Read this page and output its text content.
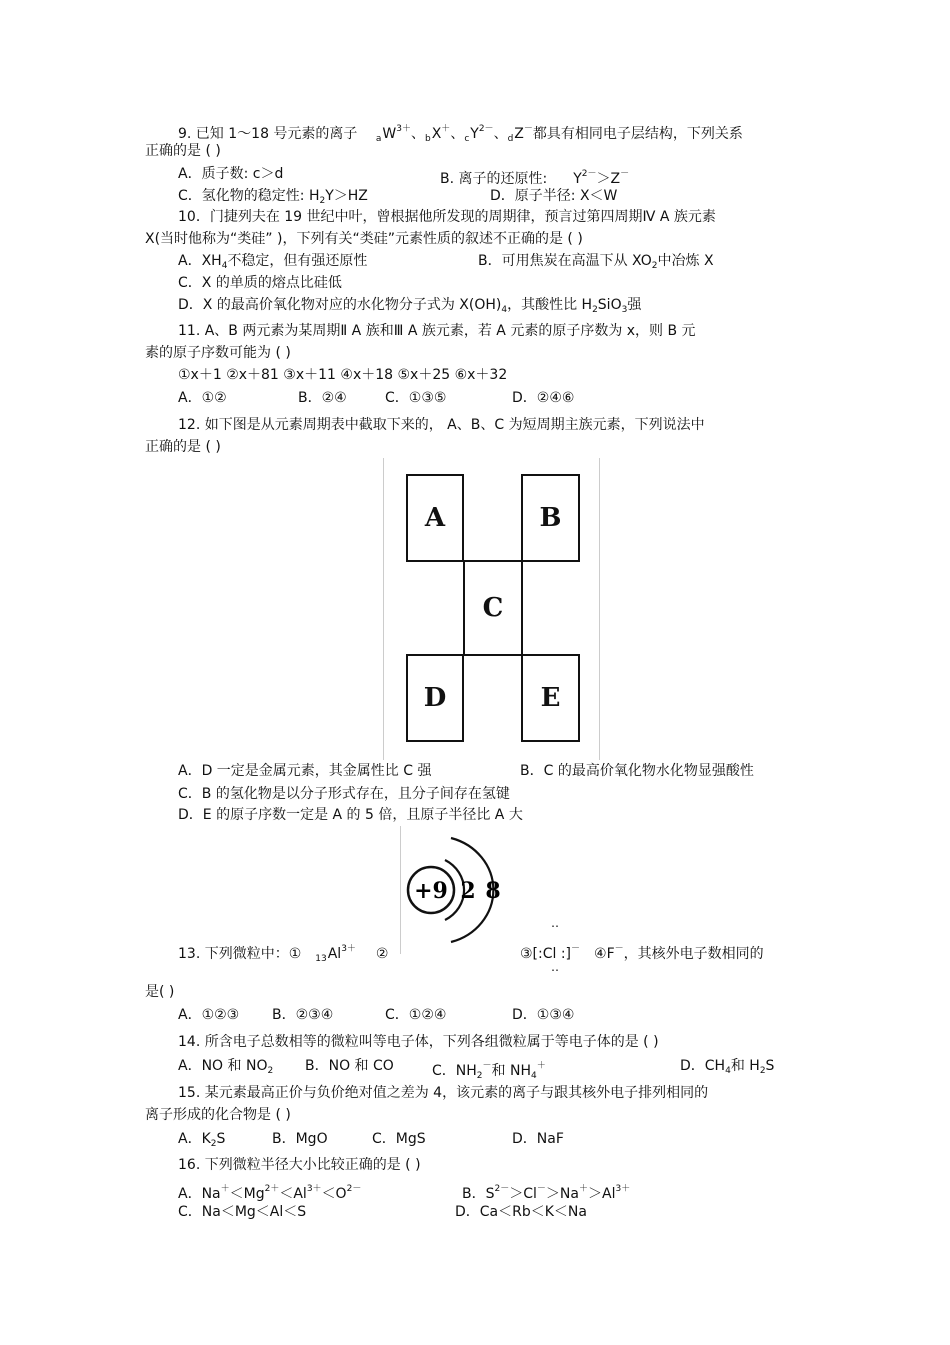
9. 已知 1～18 号元素的离子 $_aW^{3+}$、$_b$X＋、$_cY^{2-}$、$_d$Z－都具有相同电子层结构，下列关系
正确的是 ( )
A．质子数: c＞d	B. 离子的还原性: $Y^{2-}>Z^-$
C．氢化物的稳定性: $H_2Y>HZ$	D．原子半径: X＜W
10．门捷列夫在 19 世纪中叶，曾根据他所发现的周期律，预言过第四周期Ⅳ A 族元素
X(当时他称为“类硅” )，下列有关“类硅”元素性质的叙述不正确的是 ( )
A．$XH_4$不稳定，但有强还原性	B．可用焦炭在高温下从 $XO_2$中冶炼 X
C．X 的单质的熔点比硅低
D．X 的最高价氧化物对应的水化物分子式为 $X(OH)_4$，其酸性比 $H_2SiO_3$强
11. A、B 两元素为某周期Ⅱ A 族和Ⅲ A 族元素，若 A 元素的原子序数为 x，则 B 元
素的原子序数可能为 ( )
①x＋1 ②x＋81 ③x＋11 ④x＋18 ⑤x＋25 ⑥x＋32
A．①②	B．②④	C．①③⑤	D．②④⑥
12. 如下图是从元素周期表中截取下来的， A、B、C 为短周期主族元素，下列说法中
正确的是 ( )
A	B
C
D	E
A．D 一定是金属元素，其金属性比 C 强	B．C 的最高价氧化物水化物显强酸性
C．B 的氢化物是以分子形式存在，且分子间存在氢键
D．E 的原子序数一定是 A 的 5 倍，且原子半径比 A 大
+9 2 8
‥
13. 下列微粒中：① $_{13}Al^{3+}$ ②	③[:Cl :]－ ④F－，其核外电子数相同的
‥
是( )
A．①②③ B．②③④	C．①②④	D．①③④
14. 所含电子总数相等的微粒叫等电子体，下列各组微粒属于等电子体的是 ( )
A．NO 和 $NO_2$ B．NO 和 CO	C．$NH_2^-$和 $NH_4^+$	D．$CH_4$和 $H_2S$
15. 某元素最高正价与负价绝对值之差为 4，该元素的离子与跟其核外电子排列相同的
离子形成的化合物是 ( )
A．$K_2S$	B．MgO	C．MgS	D．NaF
16. 下列微粒半径大小比较正确的是 ( )
A．$Na^+<Mg^{2+}<Al^{3+}<O^{2-}$	B．$S^{2-}>Cl^->Na^+>Al^{3+}$
C．Na＜Mg＜Al＜S	D．Ca＜Rb＜K＜Na
